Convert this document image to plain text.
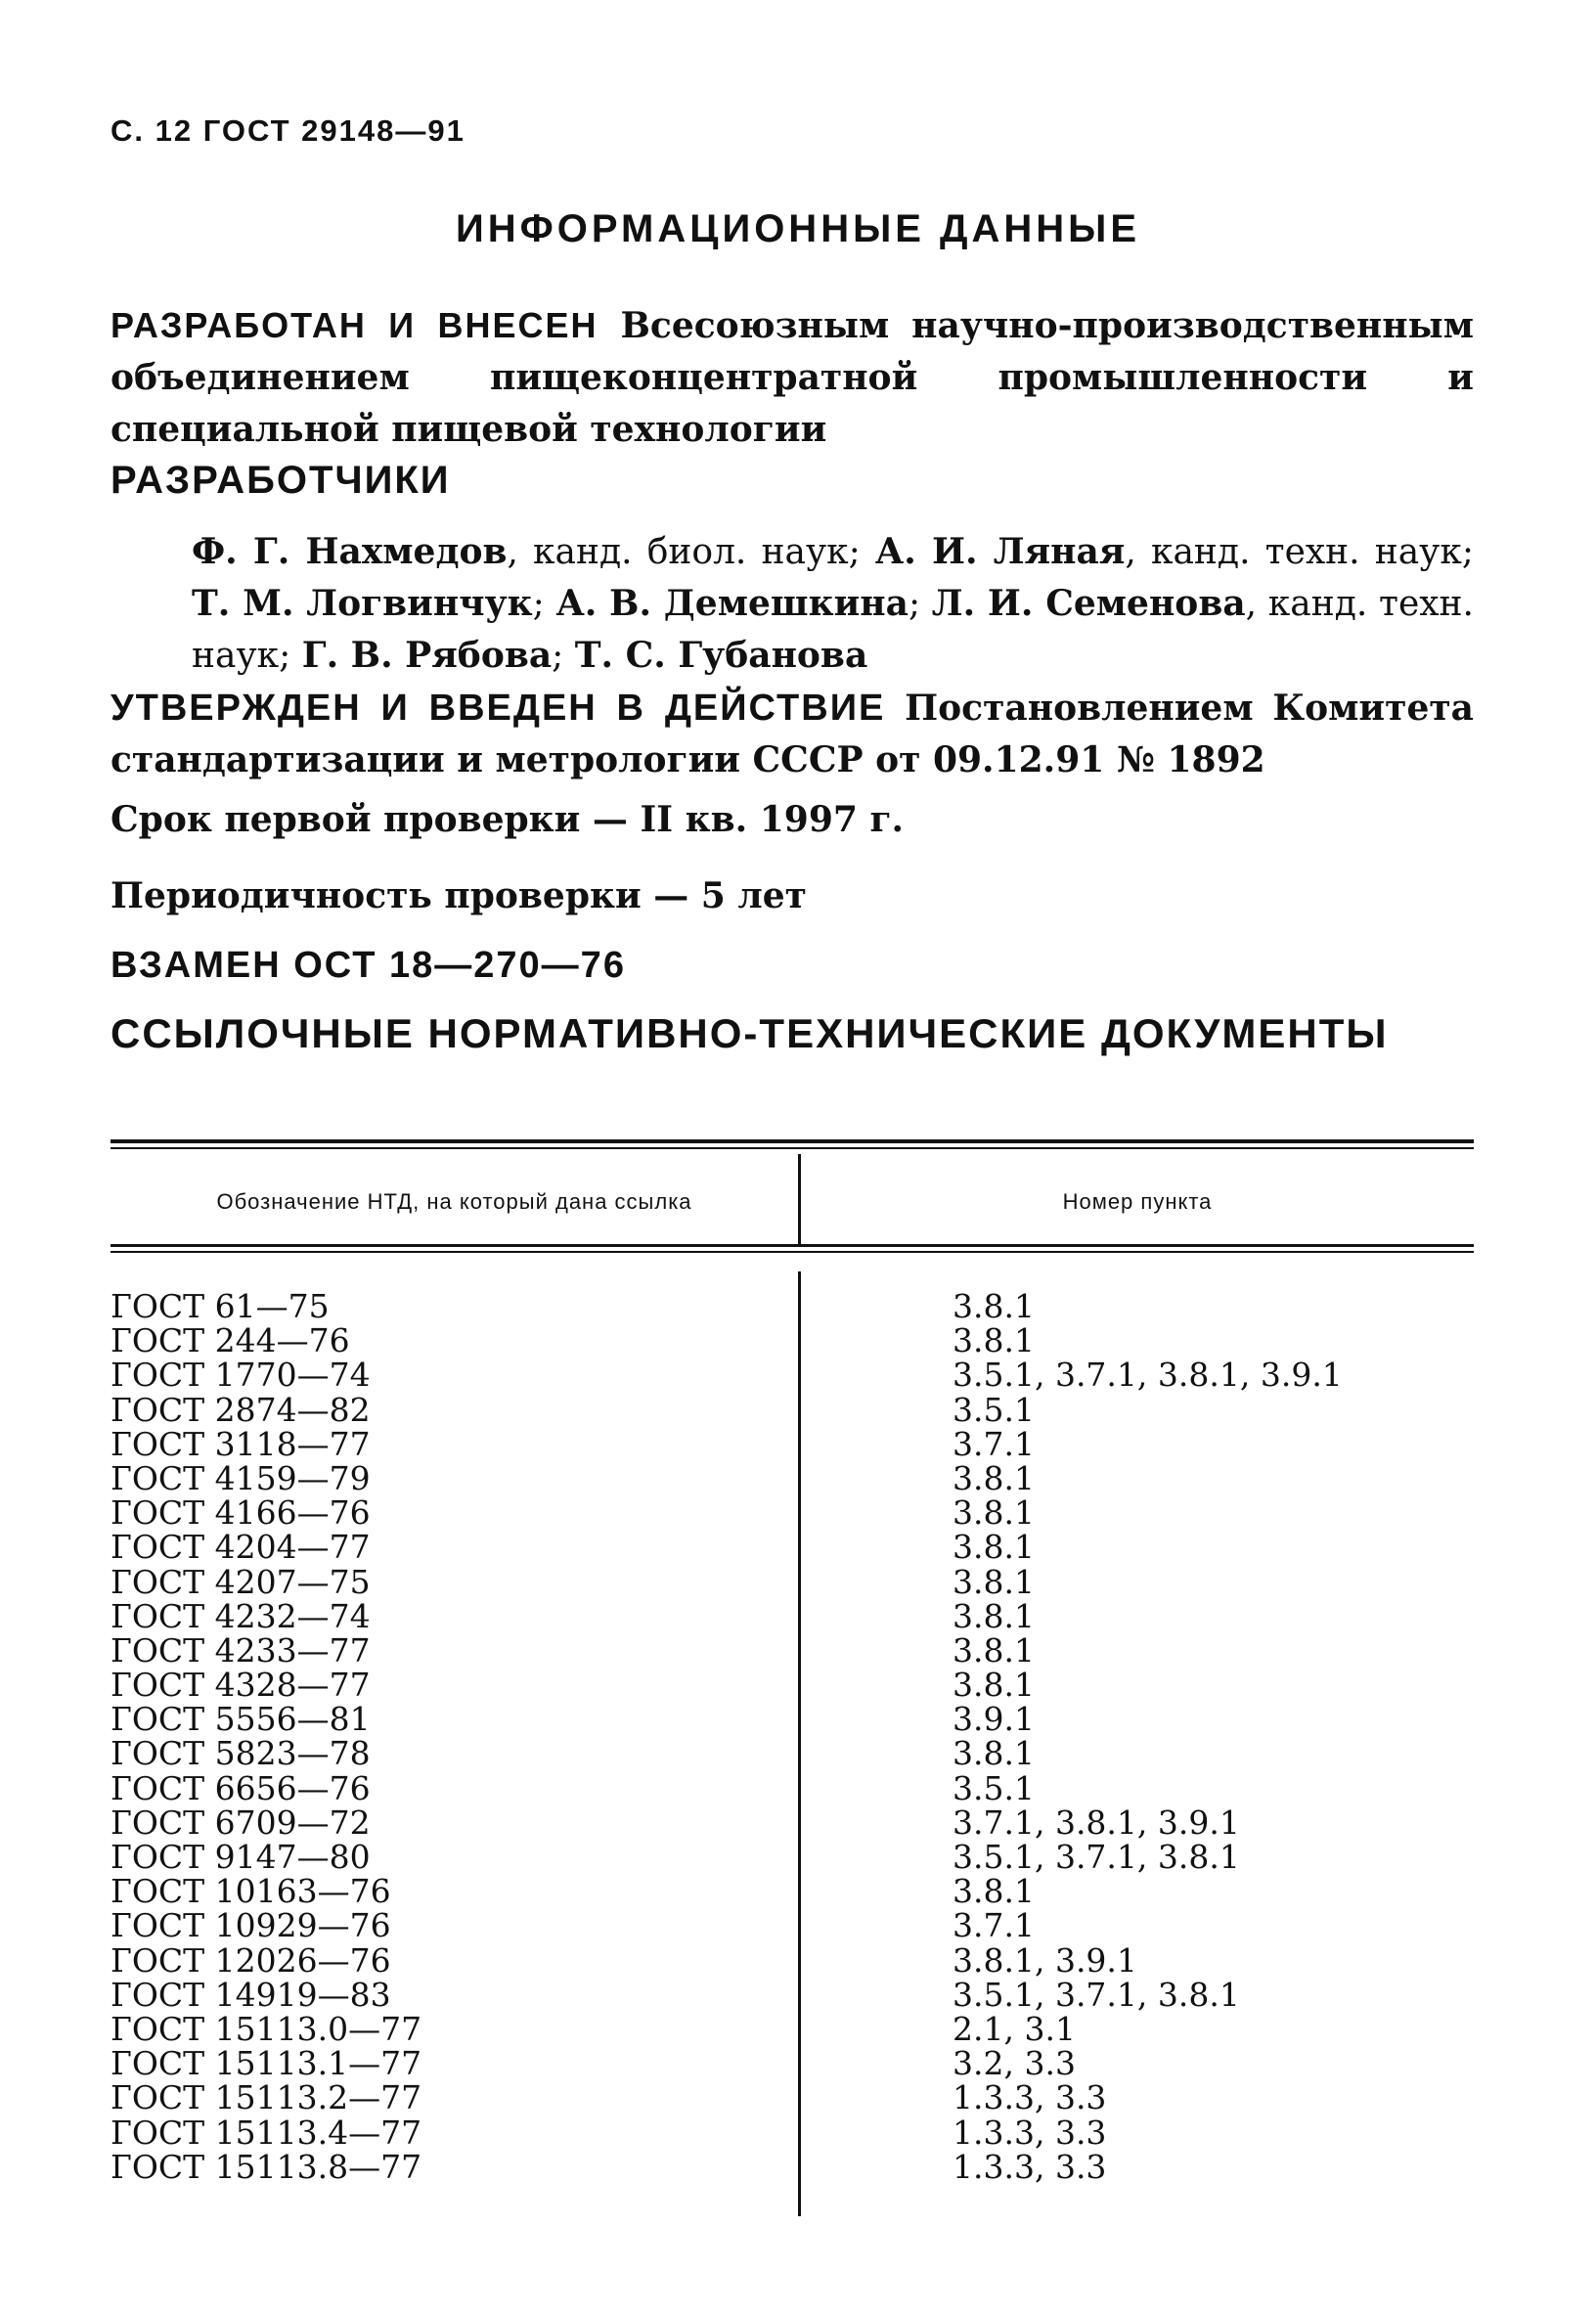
С. 12 ГОСТ 29148—91
ИНФОРМАЦИОННЫЕ ДАННЫЕ
РАЗРАБОТАН И ВНЕСЕН Всесоюзным научно-производственным объединением пищеконцентратной промышленности и специальной пищевой технологии
РАЗРАБОТЧИКИ
Ф. Г. Нахмедов, канд. биол. наук; А. И. Ляная, канд. техн. наук; Т. М. Логвинчук; А. В. Демешкина; Л. И. Семенова, канд. техн. наук; Г. В. Рябова; Т. С. Губанова
УТВЕРЖДЕН И ВВЕДЕН В ДЕЙСТВИЕ Постановлением Комитета стандартизации и метрологии СССР от 09.12.91 № 1892
Срок первой проверки — II кв. 1997 г.
Периодичность проверки — 5 лет
ВЗАМЕН ОСТ 18—270—76
ССЫЛОЧНЫЕ НОРМАТИВНО-ТЕХНИЧЕСКИЕ ДОКУМЕНТЫ
Обозначение НТД, на который дана ссылка	Номер пункта
ГОСТ 61—75	3.8.1
ГОСТ 244—76	3.8.1
ГОСТ 1770—74	3.5.1, 3.7.1, 3.8.1, 3.9.1
ГОСТ 2874—82	3.5.1
ГОСТ 3118—77	3.7.1
ГОСТ 4159—79	3.8.1
ГОСТ 4166—76	3.8.1
ГОСТ 4204—77	3.8.1
ГОСТ 4207—75	3.8.1
ГОСТ 4232—74	3.8.1
ГОСТ 4233—77	3.8.1
ГОСТ 4328—77	3.8.1
ГОСТ 5556—81	3.9.1
ГОСТ 5823—78	3.8.1
ГОСТ 6656—76	3.5.1
ГОСТ 6709—72	3.7.1, 3.8.1, 3.9.1
ГОСТ 9147—80	3.5.1, 3.7.1, 3.8.1
ГОСТ 10163—76	3.8.1
ГОСТ 10929—76	3.7.1
ГОСТ 12026—76	3.8.1, 3.9.1
ГОСТ 14919—83	3.5.1, 3.7.1, 3.8.1
ГОСТ 15113.0—77	2.1, 3.1
ГОСТ 15113.1—77	3.2, 3.3
ГОСТ 15113.2—77	1.3.3, 3.3
ГОСТ 15113.4—77	1.3.3, 3.3
ГОСТ 15113.8—77	1.3.3, 3.3
